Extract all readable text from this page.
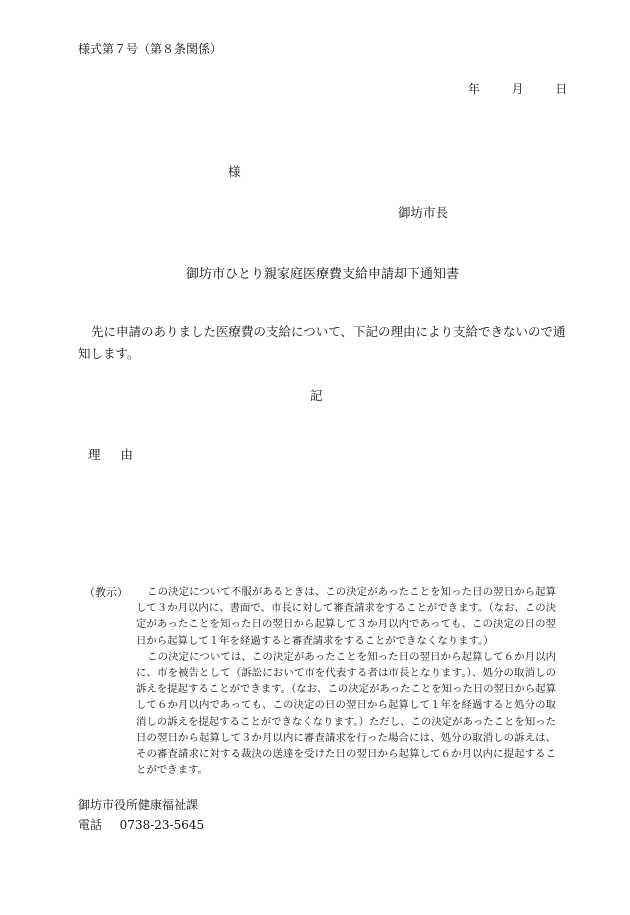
様式第７号（第８条関係）
年	月	日
様
御坊市長
御坊市ひとり親家庭医療費支給申請却下通知書
先に申請のありました医療費の支給について、下記の理由により支給できないので通知します。
記
理 由
（教示）	この決定について不服があるときは、この決定があったことを知った日の翌日から起算して３か月以内に、書面で、市長に対して審査請求をすることができます。（なお、この決定があったことを知った日の翌日から起算して３か月以内であっても、この決定の日の翌日から起算して１年を経過すると審査請求をすることができなくなります。）

この決定については、この決定があったことを知った日の翌日から起算して６か月以内に、市を被告として（訴訟において市を代表する者は市長となります。）、処分の取消しの訴えを提起することができます。（なお、この決定があったことを知った日の翌日から起算して６か月以内であっても、この決定の日の翌日から起算して１年を経過すると処分の取消しの訴えを提起することができなくなります。）ただし、この決定があったことを知った日の翌日から起算して３か月以内に審査請求を行った場合には、処分の取消しの訴えは、その審査請求に対する裁決の送達を受けた日の翌日から起算して６か月以内に提起することができます。

御坊市役所健康福祉課
電話 0738-23-5645
